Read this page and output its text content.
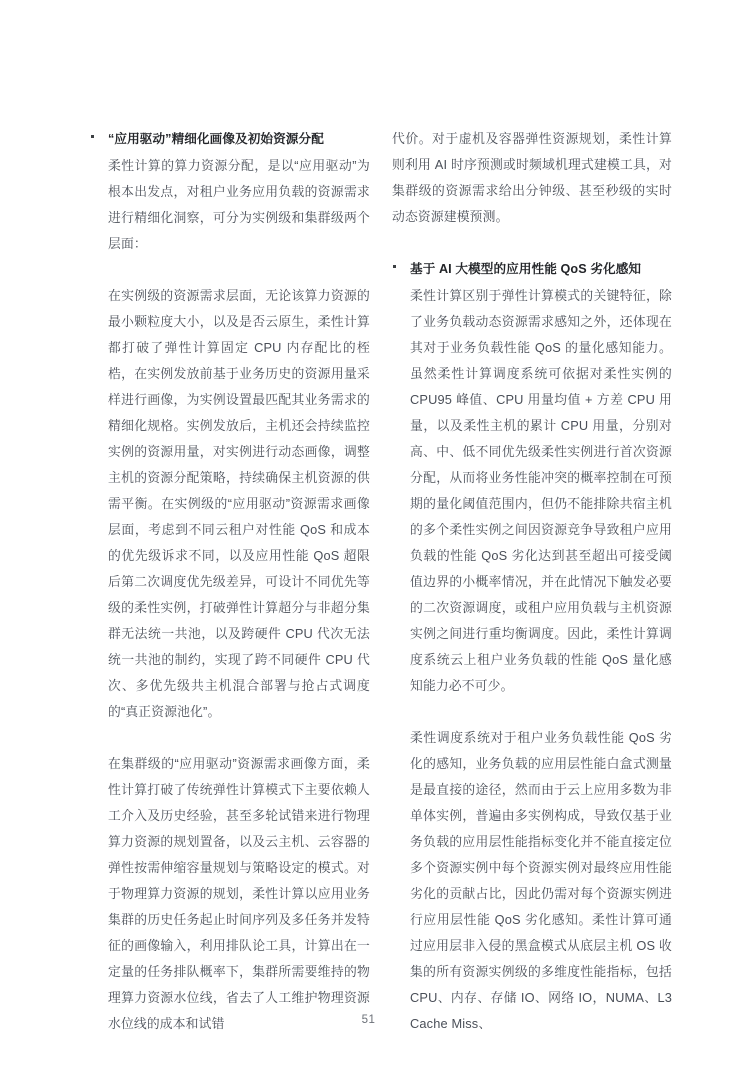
“应用驱动”精细化画像及初始资源分配

柔性计算的算力资源分配，是以“应用驱动”为根本出发点，对租户业务应用负载的资源需求进行精细化洞察，可分为实例级和集群级两个层面：

在实例级的资源需求层面，无论该算力资源的最小颗粒度大小，以及是否云原生，柔性计算都打破了弹性计算固定 CPU 内存配比的桎梏，在实例发放前基于业务历史的资源用量采样进行画像，为实例设置最匹配其业务需求的精细化规格。实例发放后，主机还会持续监控实例的资源用量，对实例进行动态画像，调整主机的资源分配策略，持续确保主机资源的供需平衡。在实例级的“应用驱动”资源需求画像层面，考虑到不同云租户对性能 QoS 和成本的优先级诉求不同，以及应用性能 QoS 超限后第二次调度优先级差异，可设计不同优先等级的柔性实例，打破弹性计算超分与非超分集群无法统一共池，以及跨硬件 CPU 代次无法统一共池的制约，实现了跨不同硬件 CPU 代次、多优先级共主机混合部署与抢占式调度的“真正资源池化”。

在集群级的“应用驱动”资源需求画像方面，柔性计算打破了传统弹性计算模式下主要依赖人工介入及历史经验，甚至多轮试错来进行物理算力资源的规划置备，以及云主机、云容器的弹性按需伸缩容量规划与策略设定的模式。对于物理算力资源的规划，柔性计算以应用业务集群的历史任务起止时间序列及多任务并发特征的画像输入，利用排队论工具，计算出在一定量的任务排队概率下，集群所需要维持的物理算力资源水位线，省去了人工维护物理资源水位线的成本和试错

代价。对于虚机及容器弹性资源规划，柔性计算则利用 AI 时序预测或时频域机理式建模工具，对集群级的资源需求给出分钟级、甚至秒级的实时动态资源建模预测。

基于 AI 大模型的应用性能 QoS 劣化感知

柔性计算区别于弹性计算模式的关键特征，除了业务负载动态资源需求感知之外，还体现在其对于业务负载性能 QoS 的量化感知能力。虽然柔性计算调度系统可依据对柔性实例的 CPU95 峰值、CPU 用量均值 + 方差 CPU 用量，以及柔性主机的累计 CPU 用量，分别对高、中、低不同优先级柔性实例进行首次资源分配，从而将业务性能冲突的概率控制在可预期的量化阈值范围内，但仍不能排除共宿主机的多个柔性实例之间因资源竞争导致租户应用负载的性能 QoS 劣化达到甚至超出可接受阈值边界的小概率情况，并在此情况下触发必要的二次资源调度，或租户应用负载与主机资源实例之间进行重均衡调度。因此，柔性计算调度系统云上租户业务负载的性能 QoS 量化感知能力必不可少。

柔性调度系统对于租户业务负载性能 QoS 劣化的感知，业务负载的应用层性能白盒式测量是最直接的途径，然而由于云上应用多数为非单体实例，普遍由多实例构成，导致仅基于业务负载的应用层性能指标变化并不能直接定位多个资源实例中每个资源实例对最终应用性能劣化的贡献占比，因此仍需对每个资源实例进行应用层性能 QoS 劣化感知。柔性计算可通过应用层非入侵的黑盒模式从底层主机 OS 收集的所有资源实例级的多维度性能指标，包括 CPU、内存、存储 IO、网络 IO，NUMA、L3 Cache Miss、

51
